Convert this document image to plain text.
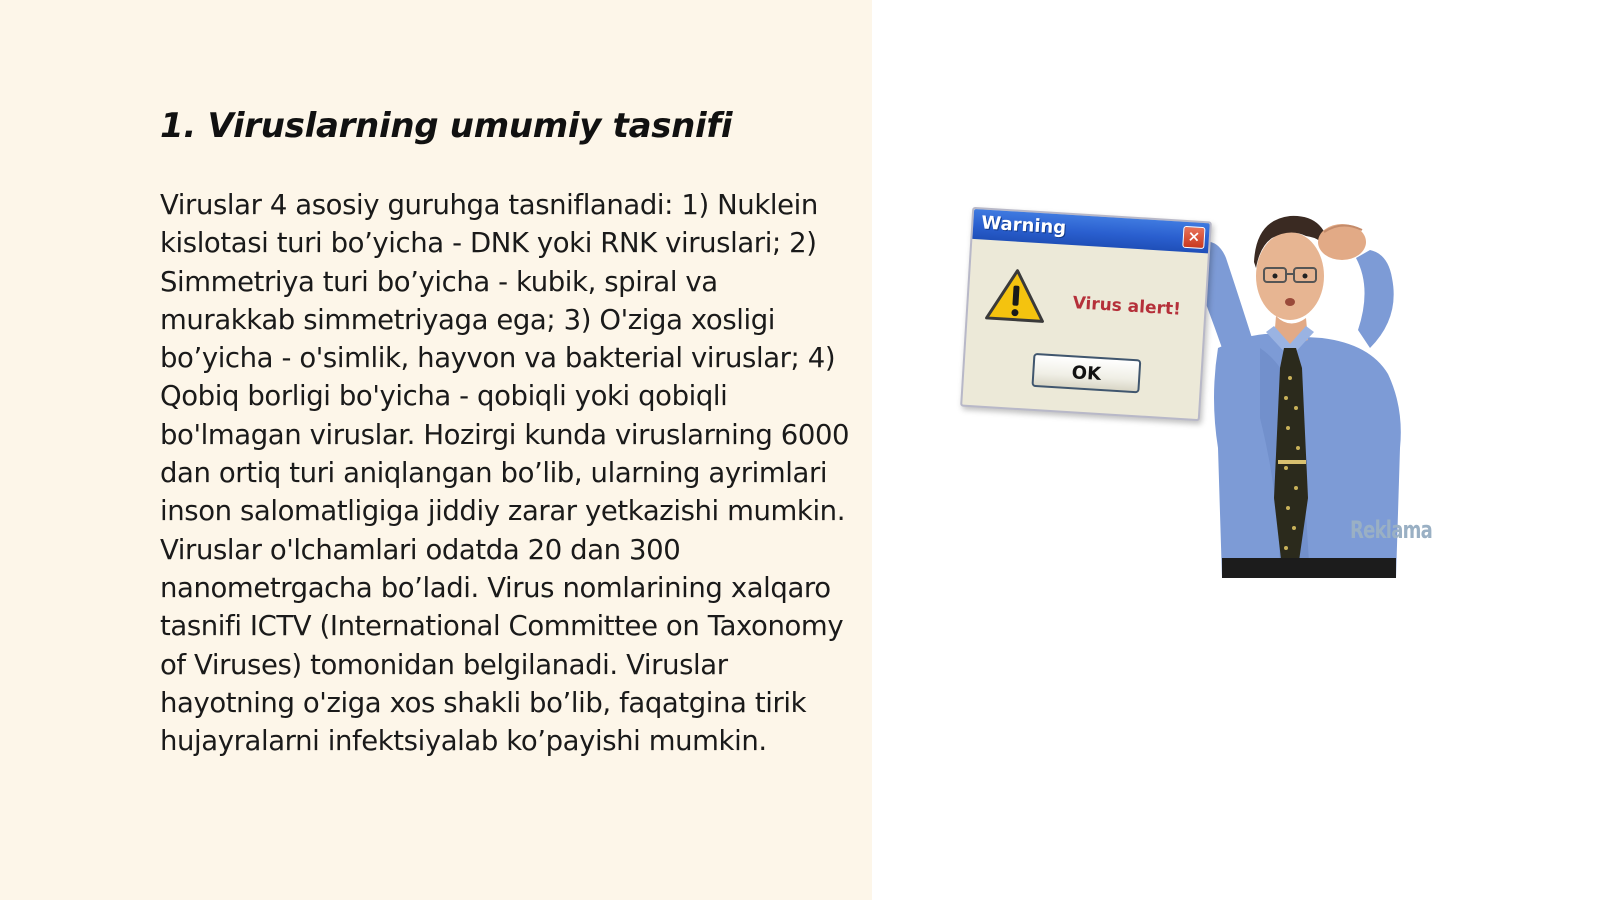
1. Viruslarning umumiy tasnifi

Viruslar 4 asosiy guruhga tasniflanadi: 1) Nuklein kislotasi turi bo’yicha - DNK yoki RNK viruslari; 2) Simmetriya turi bo’yicha - kubik, spiral va murakkab simmetriyaga ega; 3) O'ziga xosligi bo’yicha - o'simlik, hayvon va bakterial viruslar; 4) Qobiq borligi bo'yicha - qobiqli yoki qobiqli bo'lmagan viruslar. Hozirgi kunda viruslarning 6000 dan ortiq turi aniqlangan bo’lib, ularning ayrimlari inson salomatligiga jiddiy zarar yetkazishi mumkin. Viruslar o'lchamlari odatda 20 dan 300 nanometrgacha bo’ladi. Virus nomlarining xalqaro tasnifi ICTV (International Committee on Taxonomy of Viruses) tomonidan belgilanadi. Viruslar hayotning o'ziga xos shakli bo’lib, faqatgina tirik hujayralarni infektsiyalab ko’payishi mumkin.

Warning	×
Virus alert!
OK
Reklama
